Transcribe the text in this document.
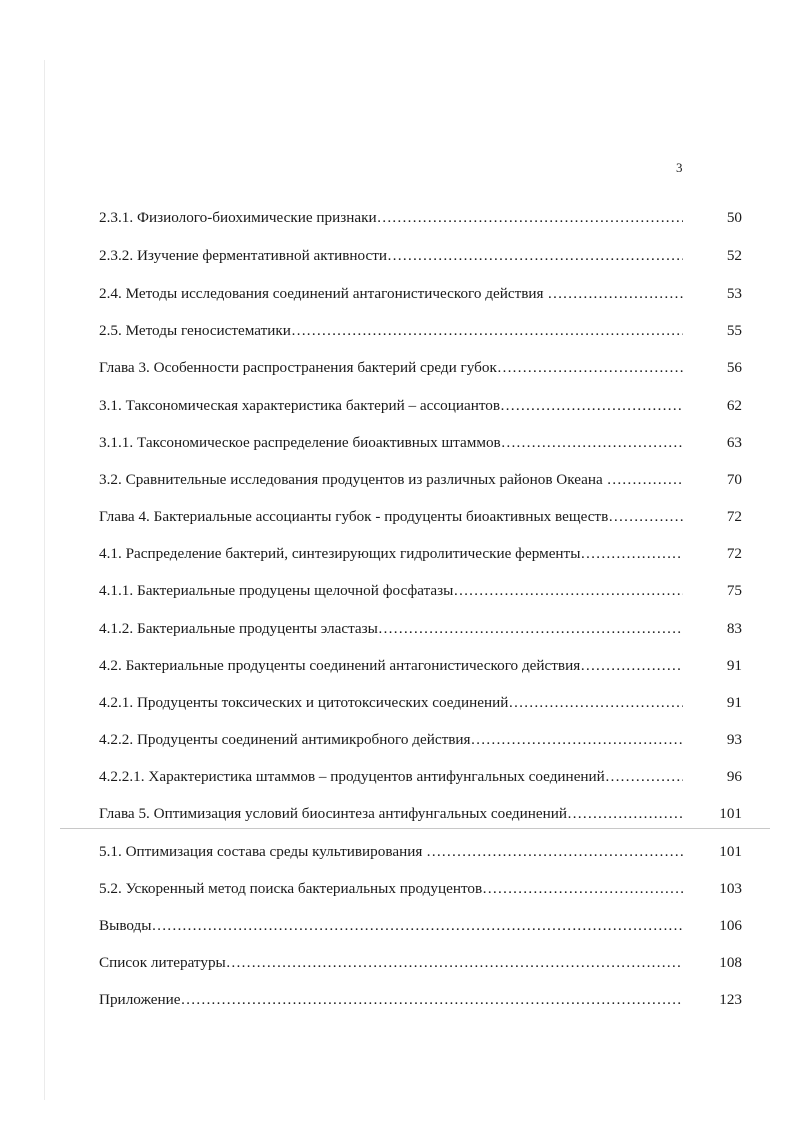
3
2.3.1. Физиолого-биохимические признаки ………………………………………………………………………………………………………………………………………………………………………………	50
2.3.2. Изучение ферментативной активности ………………………………………………………………………………………………………………………………………………………………………………	52
2.4. Методы исследования соединений антагонистического действия ………………………………………………………………………………………………………………………………………………………………………………	53
2.5. Методы геносистематики ………………………………………………………………………………………………………………………………………………………………………………	55
Глава 3. Особенности распространения бактерий среди губок ………………………………………………………………………………………………………………………………………………………………………………	56
3.1. Таксономическая характеристика бактерий – ассоциантов ………………………………………………………………………………………………………………………………………………………………………………	62
3.1.1. Таксономическое распределение биоактивных штаммов ………………………………………………………………………………………………………………………………………………………………………………	63
3.2. Сравнительные исследования продуцентов из различных районов Океана ………………………………………………………………………………………………………………………………………………………………………………	70
Глава 4. Бактериальные ассоцианты губок - продуценты биоактивных веществ ………………………………………………………………………………………………………………………………………………………………………………	72
4.1. Распределение бактерий, синтезирующих гидролитические ферменты ………………………………………………………………………………………………………………………………………………………………………………	72
4.1.1. Бактериальные продуцены щелочной фосфатазы ………………………………………………………………………………………………………………………………………………………………………………	75
4.1.2. Бактериальные продуценты эластазы ………………………………………………………………………………………………………………………………………………………………………………	83
4.2. Бактериальные продуценты соединений антагонистического действия ………………………………………………………………………………………………………………………………………………………………………………	91
4.2.1. Продуценты токсических и цитотоксических соединений ………………………………………………………………………………………………………………………………………………………………………………	91
4.2.2. Продуценты соединений антимикробного действия ………………………………………………………………………………………………………………………………………………………………………………	93
4.2.2.1. Характеристика штаммов – продуцентов антифунгальных соединений ………………………………………………………………………………………………………………………………………………………………………………	96
Глава 5. Оптимизация условий биосинтеза антифунгальных соединений ………………………………………………………………………………………………………………………………………………………………………………	101
5.1. Оптимизация состава среды культивирования ………………………………………………………………………………………………………………………………………………………………………………	101
5.2. Ускоренный метод поиска бактериальных продуцентов ………………………………………………………………………………………………………………………………………………………………………………	103
Выводы ………………………………………………………………………………………………………………………………………………………………………………	106
Список литературы ………………………………………………………………………………………………………………………………………………………………………………	108
Приложение ………………………………………………………………………………………………………………………………………………………………………………	123
